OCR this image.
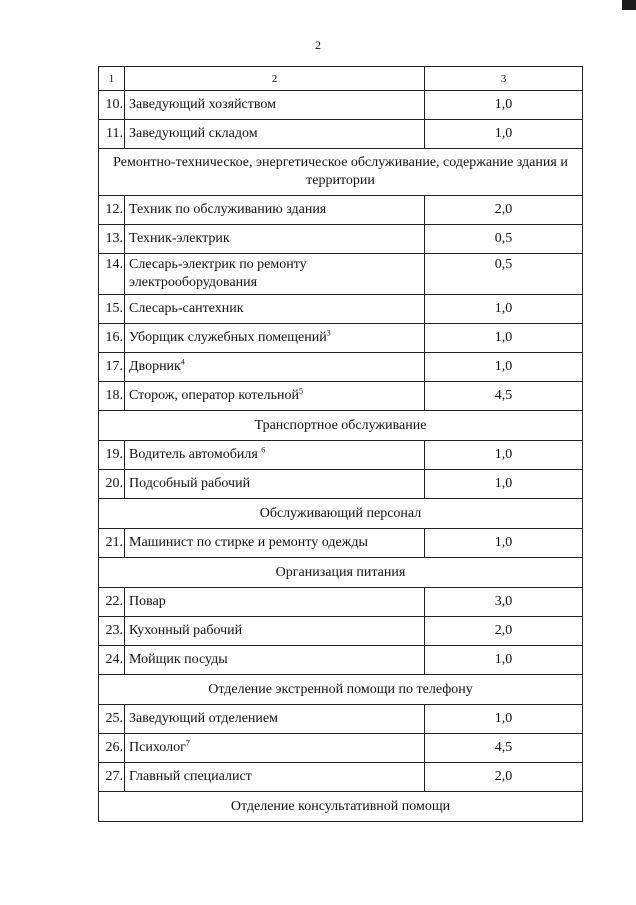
2
1	2	3
10.	Заведующий хозяйством	1,0
11.	Заведующий складом	1,0
Ремонтно-техническое, энергетическое обслуживание, содержание здания и территории		
12.	Техник по обслуживанию здания	2,0
13.	Техник-электрик	0,5
14.	Слесарь-электрик по ремонту электрооборудования	0,5
15.	Слесарь-сантехник	1,0
16.	Уборщик служебных помещений$^3$	1,0
17.	Дворник$^4$	1,0
18.	Сторож, оператор котельной$^5$	4,5
Транспортное обслуживание		
19.	Водитель автомобиля $^6$	1,0
20.	Подсобный рабочий	1,0
Обслуживающий персонал		
21.	Машинист по стирке и ремонту одежды	1,0
Организация питания		
22.	Повар	3,0
23.	Кухонный рабочий	2,0
24.	Мойщик посуды	1,0
Отделение экстренной помощи по телефону		
25.	Заведующий отделением	1,0
26.	Психолог$^7$	4,5
27.	Главный специалист	2,0
Отделение консультативной помощи		
